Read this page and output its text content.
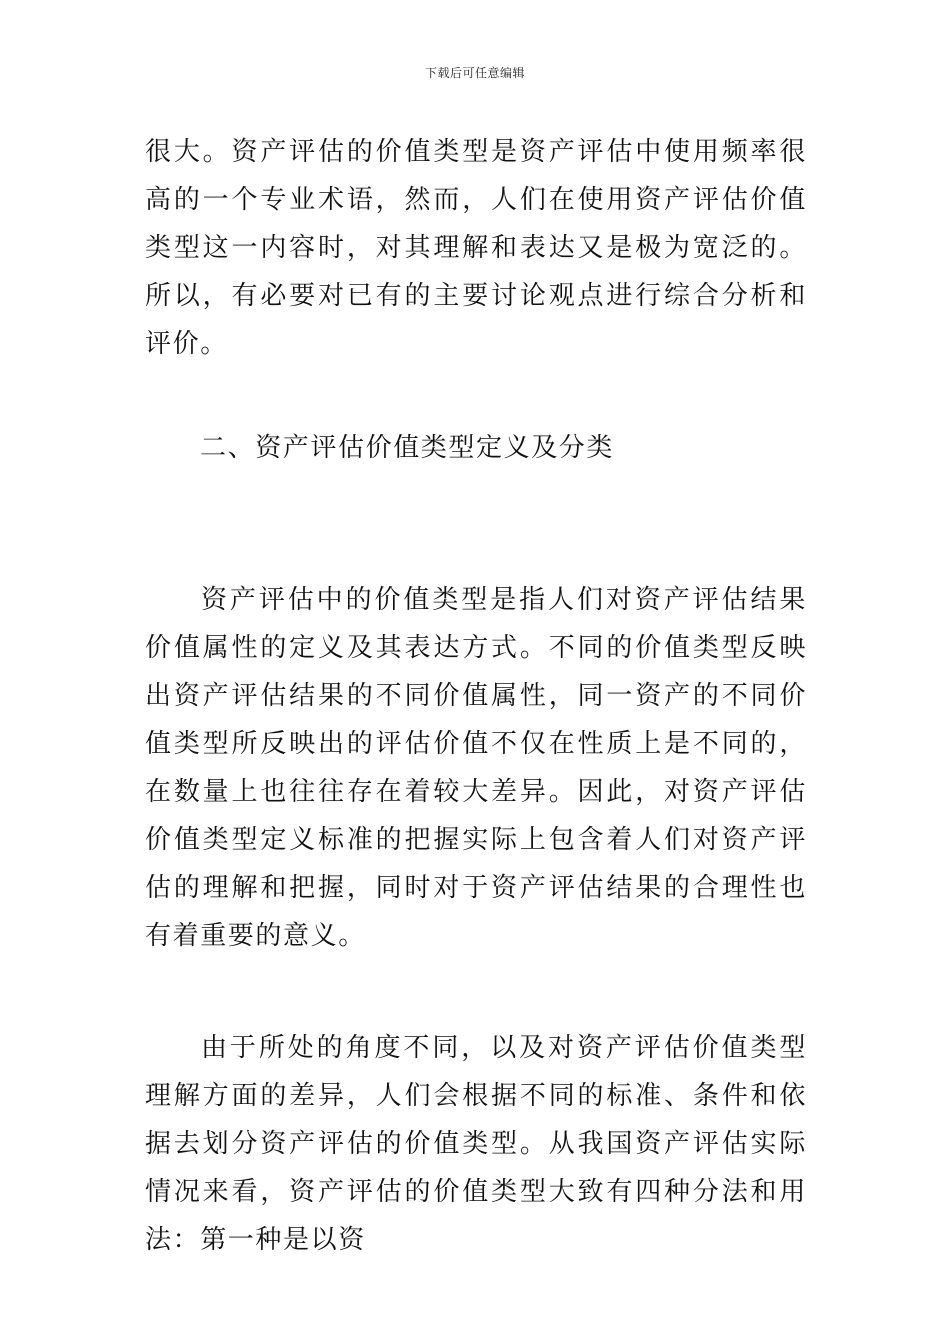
下载后可任意编辑

很大。资产评估的价值类型是资产评估中使用频率很高的一个专业术语，然而，人们在使用资产评估价值类型这一内容时，对其理解和表达又是极为宽泛的。所以，有必要对已有的主要讨论观点进行综合分析和评价。

二、资产评估价值类型定义及分类

资产评估中的价值类型是指人们对资产评估结果价值属性的定义及其表达方式。不同的价值类型反映出资产评估结果的不同价值属性，同一资产的不同价值类型所反映出的评估价值不仅在性质上是不同的，在数量上也往往存在着较大差异。因此，对资产评估价值类型定义标准的把握实际上包含着人们对资产评估的理解和把握，同时对于资产评估结果的合理性也有着重要的意义。

由于所处的角度不同，以及对资产评估价值类型理解方面的差异，人们会根据不同的标准、条件和依据去划分资产评估的价值类型。从我国资产评估实际情况来看，资产评估的价值类型大致有四种分法和用法：第一种是以资
